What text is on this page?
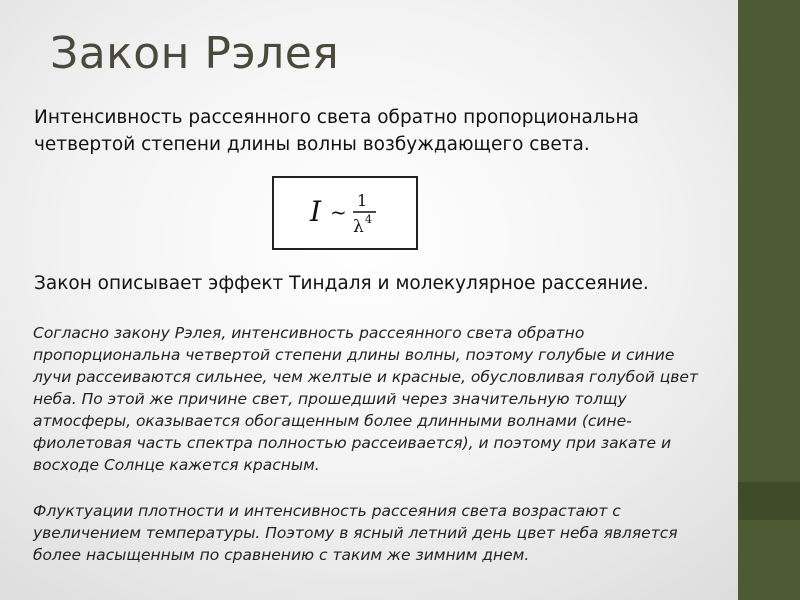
Закон Рэлея

Интенсивность рассеянного света обратно пропорциональна четвертой степени длины волны возбуждающего света.

I ~ 1
λ 4

Закон описывает эффект Тиндаля и молекулярное рассеяние.

Согласно закону Рэлея, интенсивность рассеянного света обратно пропорциональна четвертой степени длины волны, поэтому голубые и синие лучи рассеиваются сильнее, чем желтые и красные, обусловливая голубой цвет неба. По этой же причине свет, прошедший через значительную толщу атмосферы, оказывается обогащенным более длинными волнами (сине-фиолетовая часть спектра полностью рассеивается), и поэтому при закате и восходе Солнце кажется красным.

Флуктуации плотности и интенсивность рассеяния света возрастают с увеличением температуры. Поэтому в ясный летний день цвет неба является более насыщенным по сравнению с таким же зимним днем.
